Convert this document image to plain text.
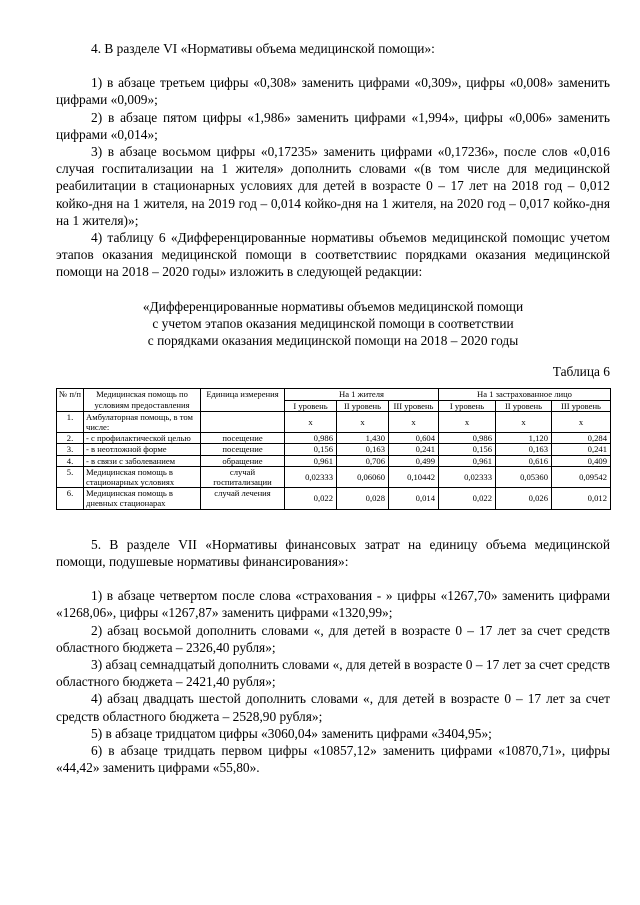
4. В разделе VI «Нормативы объема медицинской помощи»:

1) в абзаце третьем цифры «0,308» заменить цифрами «0,309», цифры «0,008» заменить цифрами «0,009»;

2) в абзаце пятом цифры «1,986» заменить цифрами «1,994», цифры «0,006» заменить цифрами «0,014»;

3) в абзаце восьмом цифры «0,17235» заменить цифрами «0,17236», после слов «0,016 случая госпитализации на 1 жителя» дополнить словами «(в том числе для медицинской реабилитации в стационарных условиях для детей в возрасте 0 – 17 лет на 2018 год – 0,012 койко-дня на 1 жителя, на 2019 год – 0,014 койко-дня на 1 жителя, на 2020 год – 0,017 койко-дня на 1 жителя)»;

4) таблицу 6 «Дифференцированные нормативы объемов медицинской помощис учетом этапов оказания медицинской помощи в соответствиис порядками оказания медицинской помощи на 2018 – 2020 годы» изложить в следующей редакции:

«Дифференцированные нормативы объемов медицинской помощи

с учетом этапов оказания медицинской помощи в соответствии

с порядками оказания медицинской помощи на 2018 – 2020 годы

Таблица 6

№ п/п	Медицинская помощь по условиям предоставления	Единица измерения	На 1 жителя			На 1 застрахованное лицо		
			I уровень	II уровень	III уровень	I уровень	II уровень	III уровень
1.	Амбулаторная помощь, в том числе:		х	х	х	х	х	х
2.	- с профилактической целью	посещение	0,986	1,430	0,604	0,986	1,120	0,284
3.	- в неотложной форме	посещение	0,156	0,163	0,241	0,156	0,163	0,241
4.	- в связи с заболеванием	обращение	0,961	0,706	0,499	0,961	0,616	0,409
5.	Медицинская помощь в стационарных условиях	случай госпитализации	0,02333	0,06060	0,10442	0,02333	0,05360	0,09542
6.	Медицинская помощь в дневных стационарах	случай лечения	0,022	0,028	0,014	0,022	0,026	0,012

5. В разделе VII «Нормативы финансовых затрат на единицу объема медицинской помощи, подушевые нормативы финансирования»:

1) в абзаце четвертом после слова «страхования - » цифры «1267,70» заменить цифрами «1268,06», цифры «1267,87» заменить цифрами «1320,99»;

2) абзац восьмой дополнить словами «, для детей в возрасте 0 – 17 лет за счет средств областного бюджета – 2326,40 рубля»;

3) абзац семнадцатый дополнить словами «, для детей в возрасте 0 – 17 лет за счет средств областного бюджета – 2421,40 рубля»;

4) абзац двадцать шестой дополнить словами «, для детей в возрасте 0 – 17 лет за счет средств областного бюджета – 2528,90 рубля»;

5) в абзаце тридцатом цифры «3060,04» заменить цифрами «3404,95»;

6) в абзаце тридцать первом цифры «10857,12» заменить цифрами «10870,71», цифры «44,42» заменить цифрами «55,80».
